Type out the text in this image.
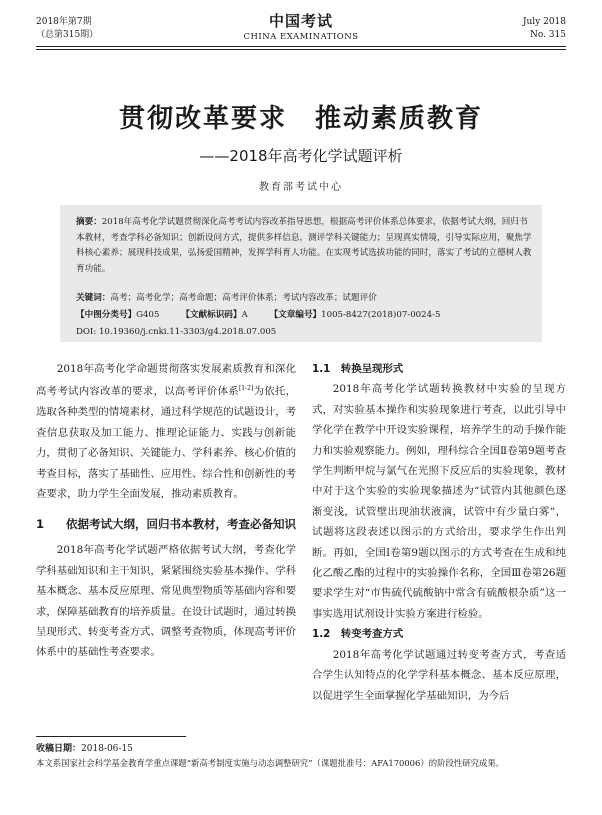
2018年第7期
（总第315期）
中国考试
CHINA EXAMINATIONS
July 2018
No. 315
贯彻改革要求　推动素质教育
——2018年高考化学试题评析
教育部考试中心
摘要：2018年高考化学试题贯彻深化高考考试内容改革指导思想，根据高考评价体系总体要求，依据考试大纲，回归书本教材，考查学科必备知识；创新设问方式，提供多样信息，测评学科关键能力；呈现真实情境，引导实际应用，聚焦学科核心素养；展现科技成果，弘扬爱国精神，发挥学科育人功能。在实现考试选拔功能的同时，落实了考试的立德树人教育功能。
关键词：高考；高考化学；高考命题；高考评价体系；考试内容改革；试题评价
【中图分类号】G405	【文献标识码】A	【文章编号】1005-8427(2018)07-0024-5
DOI: 10.19360/j.cnki.11-3303/g4.2018.07.005

2018年高考化学命题贯彻落实发展素质教育和深化高考考试内容改革的要求，以高考评价体系[1-2]为依托，选取各种类型的情境素材，通过科学规范的试题设计，考查信息获取及加工能力、推理论证能力、实践与创新能力，贯彻了必备知识、关键能力、学科素养、核心价值的考查目标，落实了基础性、应用性、综合性和创新性的考查要求，助力学生全面发展，推动素质教育。

1	依据考试大纲，回归书本教材，考查必备知识

2018年高考化学试题严格依据考试大纲，考查化学学科基础知识和主干知识，紧紧围绕实验基本操作、学科基本概念、基本反应原理、常见典型物质等基础内容和要求，保障基础教育的培养质量。在设计试题时，通过转换呈现形式、转变考查方式、调整考查物质，体现高考评价体系中的基础性考查要求。

1.1　转换呈现形式

2018年高考化学试题转换教材中实验的呈现方式，对实验基本操作和实验现象进行考查，以此引导中学化学在教学中开设实验课程，培养学生的动手操作能力和实验观察能力。例如，理科综合全国Ⅱ卷第9题考查学生判断甲烷与氯气在光照下反应后的实验现象，教材中对于这个实验的实验现象描述为“试管内其他颜色逐渐变浅，试管壁出现油状液滴，试管中有少量白雾”，试题将这段表述以图示的方式给出，要求学生作出判断。再如，全国Ⅰ卷第9题以图示的方式考查在生成和纯化乙酸乙酯的过程中的实验操作名称，全国Ⅲ卷第26题要求学生对“市售硫代硫酸钠中常含有硫酸根杂质”这一事实选用试剂设计实验方案进行检验。

1.2　转变考查方式

2018年高考化学试题通过转变考查方式，考查适合学生认知特点的化学学科基本概念、基本反应原理，以促进学生全面掌握化学基础知识，为今后

收稿日期：2018-06-15
本文系国家社会科学基金教育学重点课题“新高考制度实施与动态调整研究”（课题批准号：AFA170006）的阶段性研究成果。
